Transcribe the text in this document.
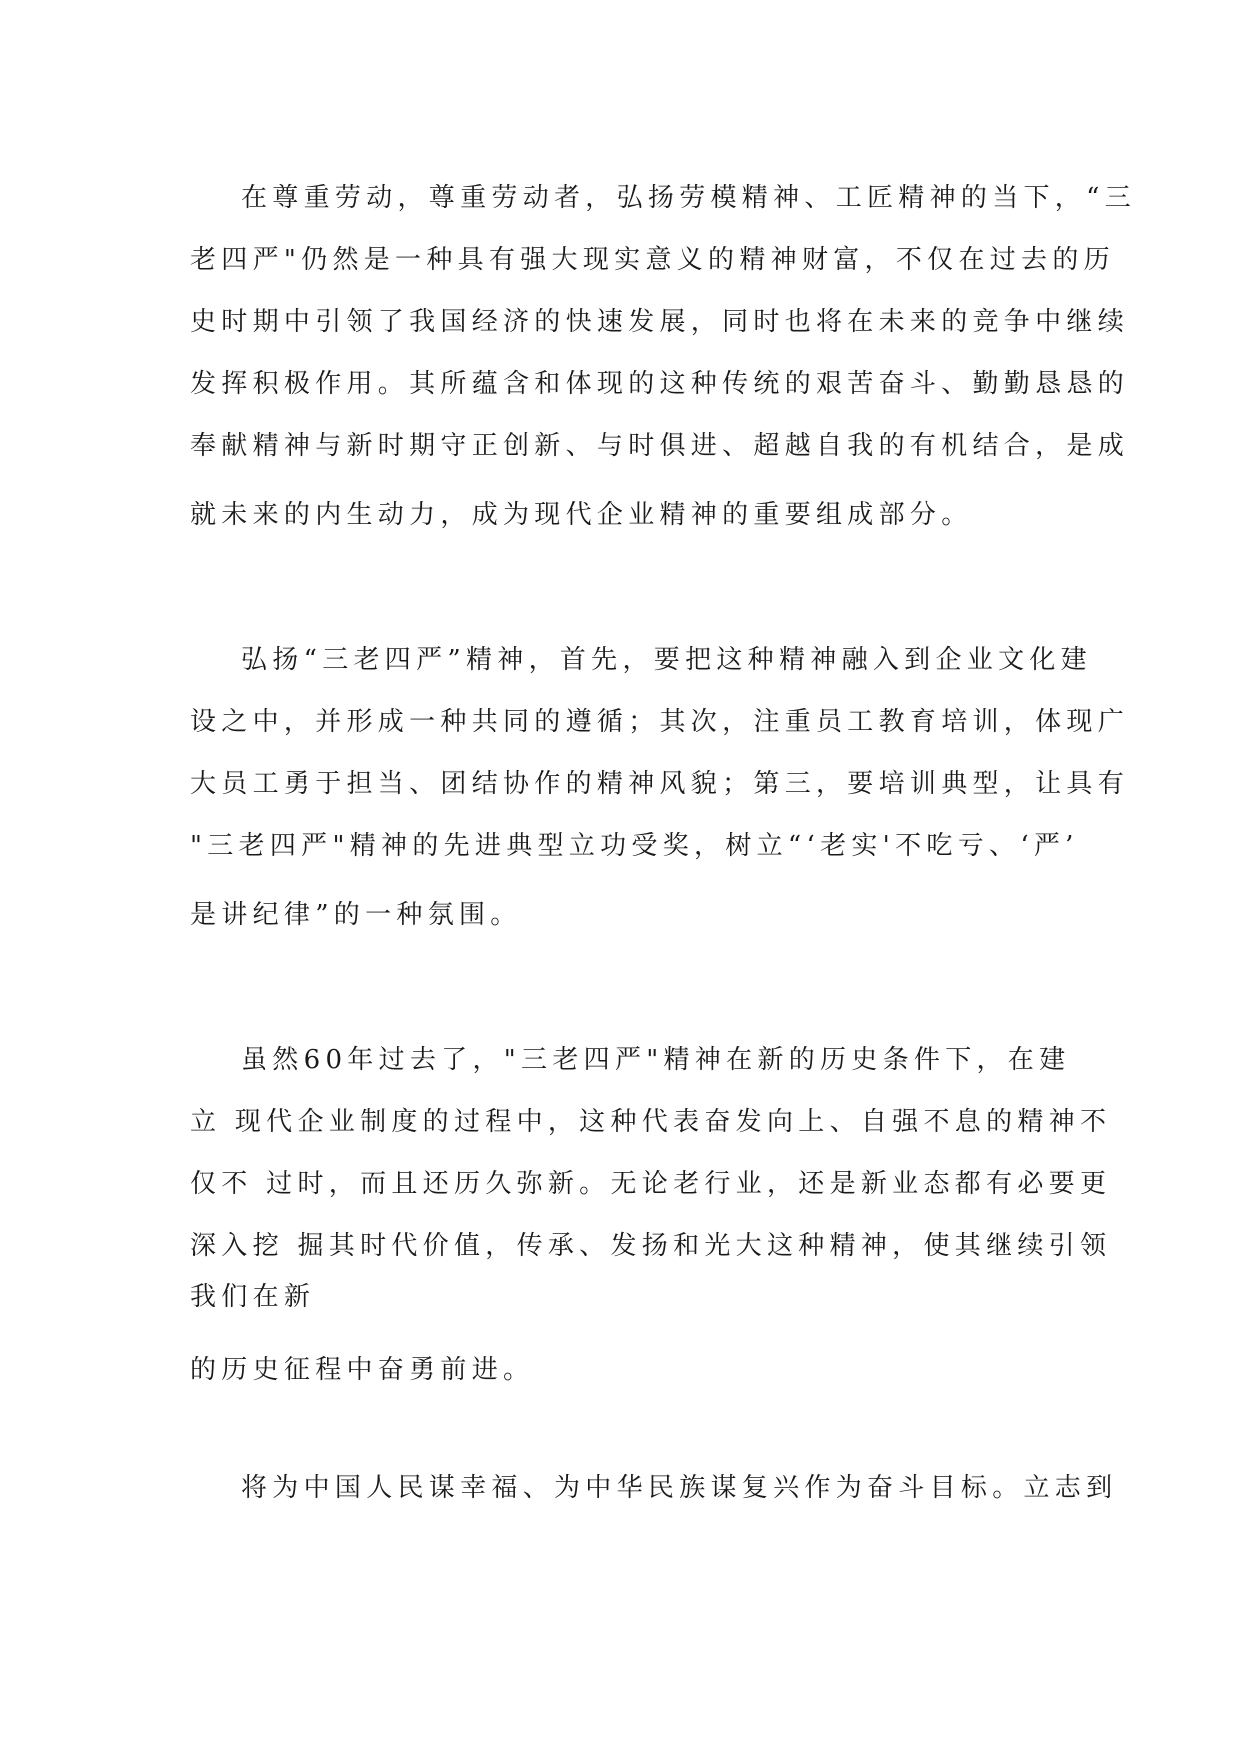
在尊重劳动，尊重劳动者，弘扬劳模精神、工匠精神的当下，“三

老四严"仍然是一种具有强大现实意义的精神财富，不仅在过去的历

史时期中引领了我国经济的快速发展，同时也将在未来的竞争中继续

发挥积极作用。其所蕴含和体现的这种传统的艰苦奋斗、勤勤恳恳的

奉献精神与新时期守正创新、与时俱进、超越自我的有机结合，是成

就未来的内生动力，成为现代企业精神的重要组成部分。

弘扬“三老四严”精神，首先，要把这种精神融入到企业文化建

设之中，并形成一种共同的遵循；其次，注重员工教育培训，体现广

大员工勇于担当、团结协作的精神风貌；第三，要培训典型，让具有

"三老四严"精神的先进典型立功受奖，树立“‘老实'不吃亏、‘严’

是讲纪律”的一种氛围。

虽然60年过去了，"三老四严"精神在新的历史条件下，在建

立 现代企业制度的过程中，这种代表奋发向上、自强不息的精神不

仅不 过时，而且还历久弥新。无论老行业，还是新业态都有必要更

深入挖 掘其时代价值，传承、发扬和光大这种精神，使其继续引领

我们在新

的历史征程中奋勇前进。

将为中国人民谋幸福、为中华民族谋复兴作为奋斗目标。立志到
